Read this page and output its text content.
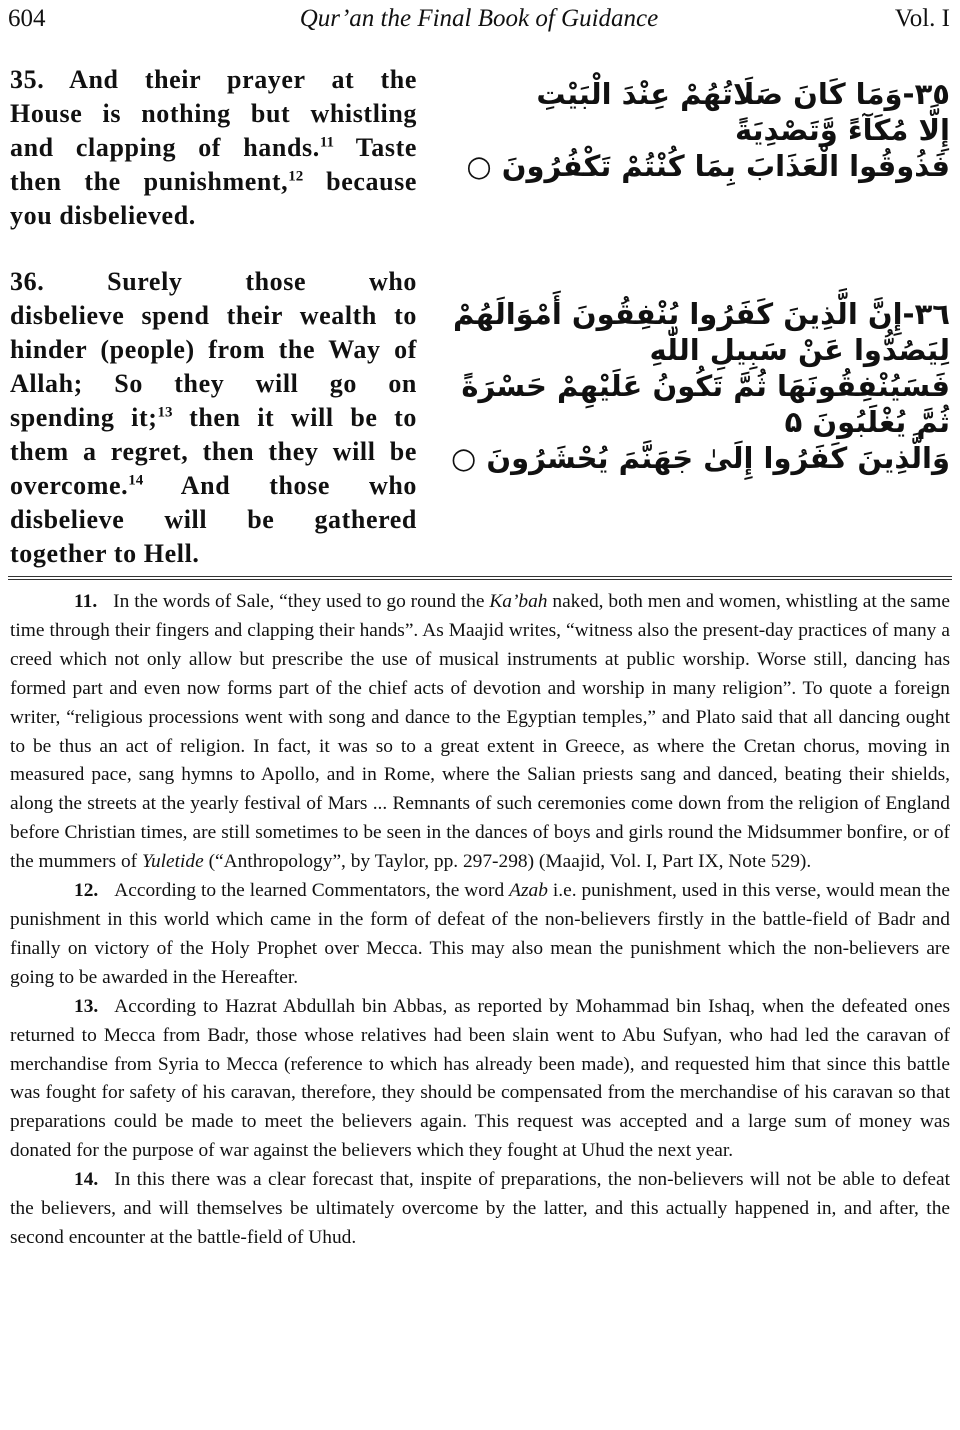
604	Qur’an the Final Book of Guidance	Vol. I
35. And their prayer at the
House is nothing but whistling
and clapping of hands.$^{11}$ Taste
then the punishment,$^{12}$ because
you disbelieved.
36. Surely those who
disbelieve spend their wealth to
hinder (people) from the Way of
Allah; So they will go on
spending it;$^{13}$ then it will be to
them a regret, then they will be
overcome.$^{14}$ And those who
disbelieve will be gathered
together to Hell.
٣٥-وَمَا كَانَ صَلَاتُهُمْ عِنْدَ الْبَيْتِ
إِلَّا مُكَآءً وَّتَصْدِيَةً
فَذُوقُوا الْعَذَابَ بِمَا كُنْتُمْ تَكْفُرُونَ ○
٣٦-إِنَّ الَّذِينَ كَفَرُوا يُنْفِقُونَ أَمْوَالَهُمْ
لِيَصُدُّوا عَنْ سَبِيلِ اللّٰهِ
فَسَيُنْفِقُونَهَا ثُمَّ تَكُونُ عَلَيْهِمْ حَسْرَةً
ثُمَّ يُغْلَبُونَ ۵
وَالَّذِينَ كَفَرُوا إِلَىٰ جَهَنَّمَ يُحْشَرُونَ ○

11. In the words of Sale, “they used to go round the Ka’bah naked, both men and women, whistling at the same time through their fingers and clapping their hands”. As Maajid writes, “witness also the present-day practices of many a creed which not only allow but prescribe the use of musical instruments at public worship. Worse still, dancing has formed part and even now forms part of the chief acts of devotion and worship in many religion”. To quote a foreign writer, “religious processions went with song and dance to the Egyptian temples,” and Plato said that all dancing ought to be thus an act of religion. In fact, it was so to a great extent in Greece, as where the Cretan chorus, moving in measured pace, sang hymns to Apollo, and in Rome, where the Salian priests sang and danced, beating their shields, along the streets at the yearly festival of Mars ... Remnants of such ceremonies come down from the religion of England before Christian times, are still sometimes to be seen in the dances of boys and girls round the Midsummer bonfire, or of the mummers of Yuletide (“Anthropology”, by Taylor, pp. 297-298) (Maajid, Vol. I, Part IX, Note 529).

12. According to the learned Commentators, the word Azab i.e. punishment, used in this verse, would mean the punishment in this world which came in the form of defeat of the non-believers firstly in the battle-field of Badr and finally on victory of the Holy Prophet over Mecca. This may also mean the punishment which the non-believers are going to be awarded in the Hereafter.

13. According to Hazrat Abdullah bin Abbas, as reported by Mohammad bin Ishaq, when the defeated ones returned to Mecca from Badr, those whose relatives had been slain went to Abu Sufyan, who had led the caravan of merchandise from Syria to Mecca (reference to which has already been made), and requested him that since this battle was fought for safety of his caravan, therefore, they should be compensated from the merchandise of his caravan so that preparations could be made to meet the believers again. This request was accepted and a large sum of money was donated for the purpose of war against the believers which they fought at Uhud the next year.

14. In this there was a clear forecast that, inspite of preparations, the non-believers will not be able to defeat the believers, and will themselves be ultimately overcome by the latter, and this actually happened in, and after, the second encounter at the battle-field of Uhud.
